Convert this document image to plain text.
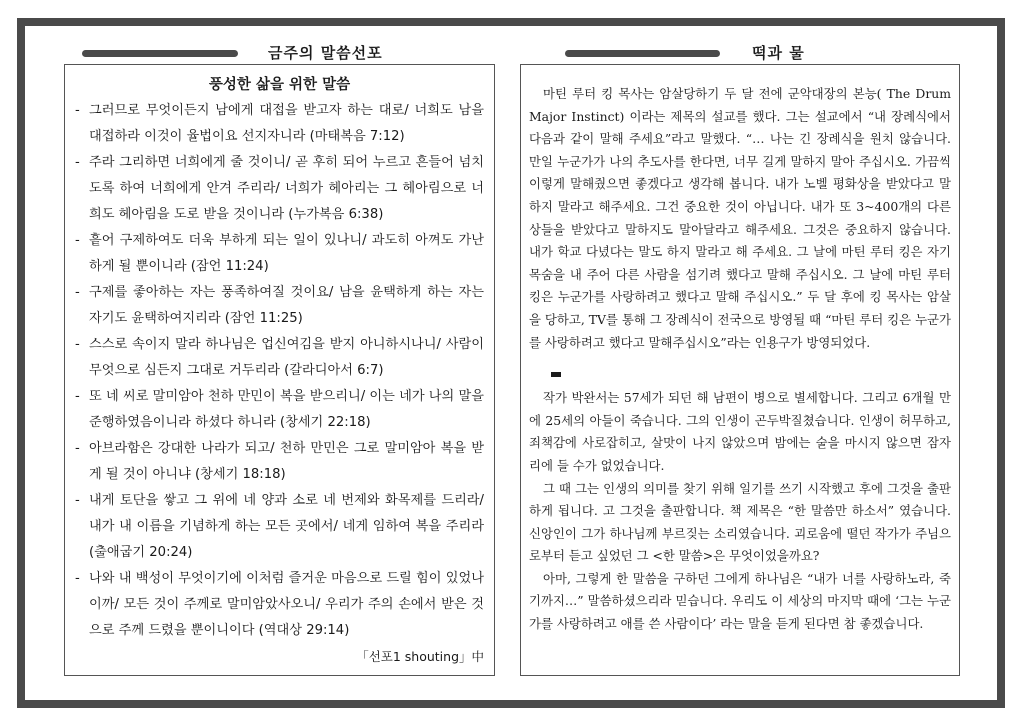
금주의 말씀선포	떡과 물
풍성한 삶을 위한 말씀
- 그러므로 무엇이든지 남에게 대접을 받고자 하는 대로/ 너희도 남을 대접하라 이것이 율법이요 선지자니라 (마태복음 7:12)
- 주라 그리하면 너희에게 줄 것이니/ 곧 후히 되어 누르고 흔들어 넘치도록 하여 너희에게 안겨 주리라/ 너희가 헤아리는 그 헤아림으로 너희도 헤아림을 도로 받을 것이니라 (누가복음 6:38)
- 흩어 구제하여도 더욱 부하게 되는 일이 있나니/ 과도히 아껴도 가난하게 될 뿐이니라 (잠언 11:24)
- 구제를 좋아하는 자는 풍족하여질 것이요/ 남을 윤택하게 하는 자는 자기도 윤택하여지리라 (잠언 11:25)
- 스스로 속이지 말라 하나님은 업신여김을 받지 아니하시나니/ 사람이 무엇으로 심든지 그대로 거두리라 (갈라디아서 6:7)
- 또 네 씨로 말미암아 천하 만민이 복을 받으리니/ 이는 네가 나의 말을 준행하였음이니라 하셨다 하니라 (창세기 22:18)
- 아브라함은 강대한 나라가 되고/ 천하 만민은 그로 말미암아 복을 받게 될 것이 아니냐 (창세기 18:18)
- 내게 토단을 쌓고 그 위에 네 양과 소로 네 번제와 화목제를 드리라/ 내가 내 이름을 기념하게 하는 모든 곳에서/ 네게 임하여 복을 주리라 (출애굽기 20:24)
- 나와 내 백성이 무엇이기에 이처럼 즐거운 마음으로 드릴 힘이 있었나이까/ 모든 것이 주께로 말미암았사오니/ 우리가 주의 손에서 받은 것으로 주께 드렸을 뿐이니이다 (역대상 29:14)
「선포1 shouting」中

마틴 루터 킹 목사는 암살당하기 두 달 전에 군악대장의 본능( The Drum Major Instinct) 이라는 제목의 설교를 했다. 그는 설교에서 “내 장례식에서 다음과 같이 말해 주세요”라고 말했다. “… 나는 긴 장례식을 원치 않습니다. 만일 누군가가 나의 추도사를 한다면, 너무 길게 말하지 말아 주십시오. 가끔씩 이렇게 말해줬으면 좋겠다고 생각해 봅니다. 내가 노벨 평화상을 받았다고 말하지 말라고 해주세요. 그건 중요한 것이 아닙니다. 내가 또 3~400개의 다른 상들을 받았다고 말하지도 말아달라고 해주세요. 그것은 중요하지 않습니다. 내가 학교 다녔다는 말도 하지 말라고 해 주세요. 그 날에 마틴 루터 킹은 자기 목숨을 내 주어 다른 사람을 섬기려 했다고 말해 주십시오. 그 날에 마틴 루터 킹은 누군가를 사랑하려고 했다고 말해 주십시오.” 두 달 후에 킹 목사는 암살을 당하고, TV를 통해 그 장례식이 전국으로 방영될 때 “마틴 루터 킹은 누군가를 사랑하려고 했다고 말해주십시오”라는 인용구가 방영되었다.

작가 박완서는 57세가 되던 해 남편이 병으로 별세합니다. 그리고 6개월 만에 25세의 아들이 죽습니다. 그의 인생이 곤두박질쳤습니다. 인생이 허무하고, 죄책감에 사로잡히고, 살맛이 나지 않았으며 밤에는 술을 마시지 않으면 잠자리에 들 수가 없었습니다.

그 때 그는 인생의 의미를 찾기 위해 일기를 쓰기 시작했고 후에 그것을 출판하게 됩니다. 고 그것을 출판합니다. 책 제목은 “한 말씀만 하소서” 였습니다. 신앙인이 그가 하나님께 부르짖는 소리였습니다. 괴로움에 떨던 작가가 주님으로부터 듣고 싶었던 그 <한 말씀>은 무엇이었을까요?

아마, 그렇게 한 말씀을 구하던 그에게 하나님은 “내가 너를 사랑하노라, 죽기까지…” 말씀하셨으리라 믿습니다. 우리도 이 세상의 마지막 때에 ‘그는 누군가를 사랑하려고 애를 쓴 사람이다’ 라는 말을 듣게 된다면 참 좋겠습니다.
